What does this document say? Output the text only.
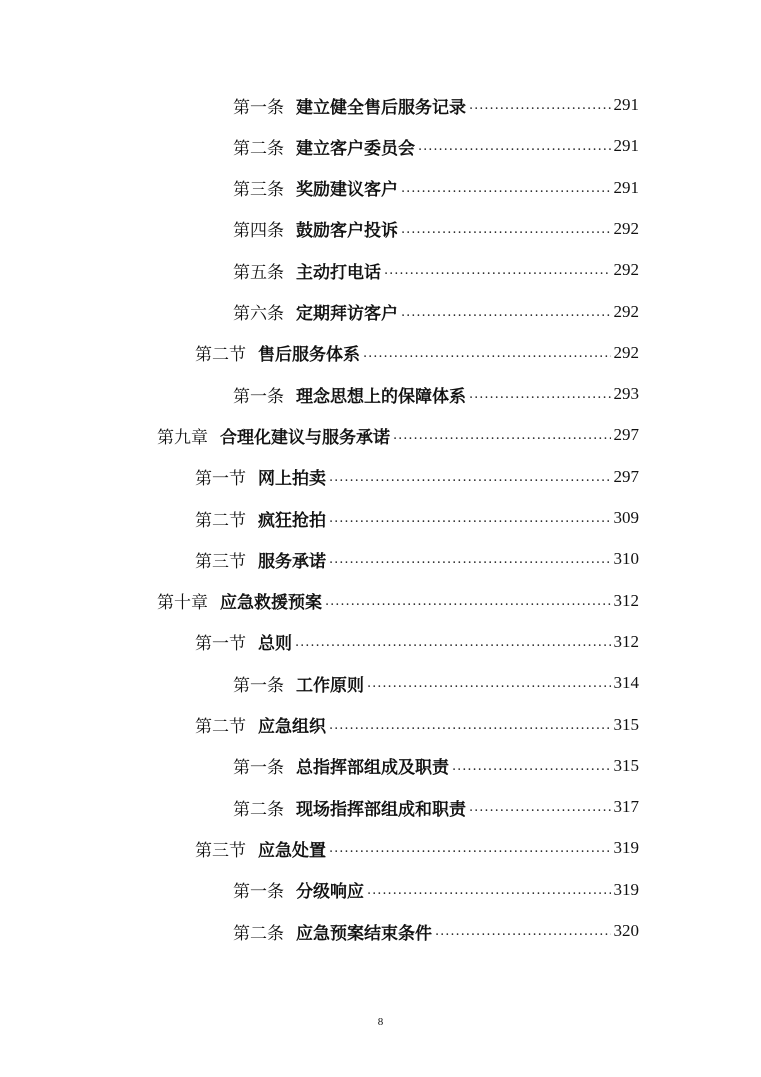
第一条 建立健全售后服务记录 .....	291
第二条 建立客户委员会 .....	291
第三条 奖励建议客户 .....	291
第四条 鼓励客户投诉 .....	292
第五条 主动打电话 .....	292
第六条 定期拜访客户 .....	292
第二节 售后服务体系 .....	292
第一条 理念思想上的保障体系 .....	293
第九章 合理化建议与服务承诺 .....	297
第一节 网上拍卖 .....	297
第二节 疯狂抢拍 .....	309
第三节 服务承诺 .....	310
第十章 应急救援预案 .....	312
第一节 总则 .....	312
第一条 工作原则 .....	314
第二节 应急组织 .....	315
第一条 总指挥部组成及职责 .....	315
第二条 现场指挥部组成和职责 .....	317
第三节 应急处置 .....	319
第一条 分级响应 .....	319
第二条 应急预案结束条件 .....	320
8
